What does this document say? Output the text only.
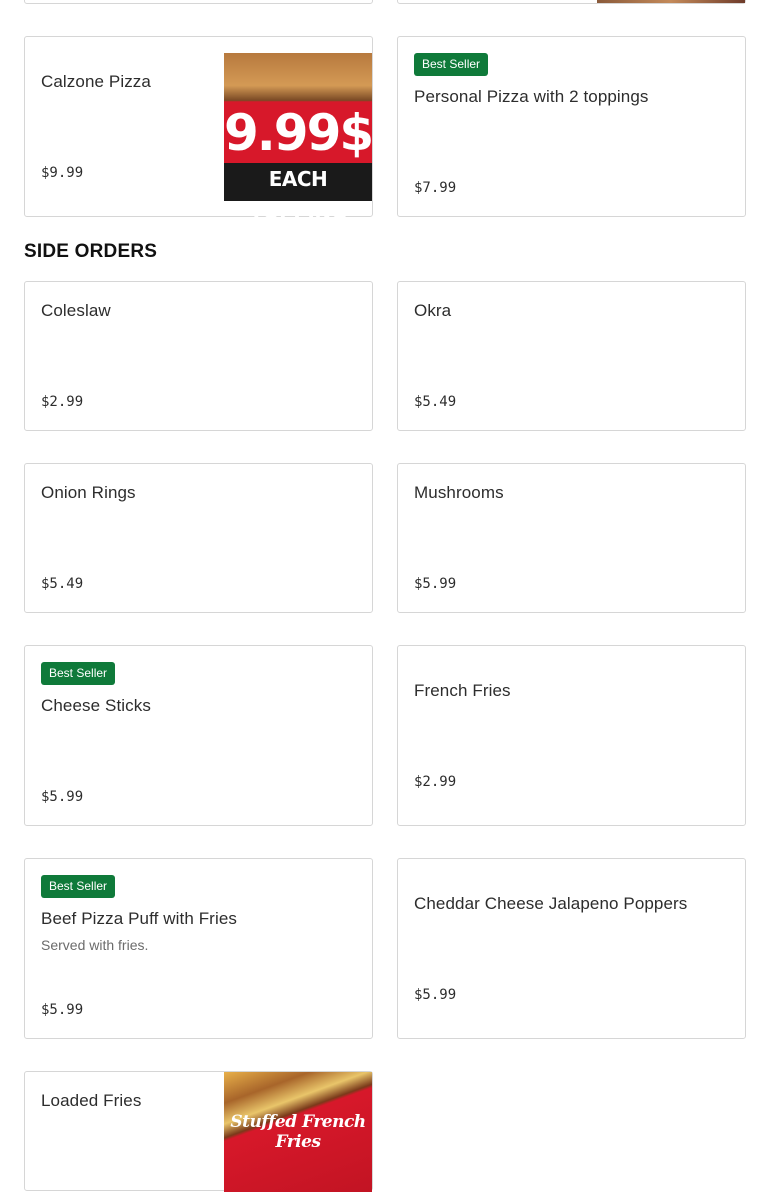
Calzone Pizza
$9.99
9.99$
EACH TOPPING
Best Seller
Personal Pizza with 2 toppings
$7.99
SIDE ORDERS
Coleslaw
$2.99
Okra
$5.49
Onion Rings
$5.49
Mushrooms
$5.99
Best Seller
Cheese Sticks
$5.99
French Fries
$2.99
Best Seller
Beef Pizza Puff with Fries
Served with fries.
$5.99
Cheddar Cheese Jalapeno Poppers
$5.99
Loaded Fries
Stuffed French Fries
